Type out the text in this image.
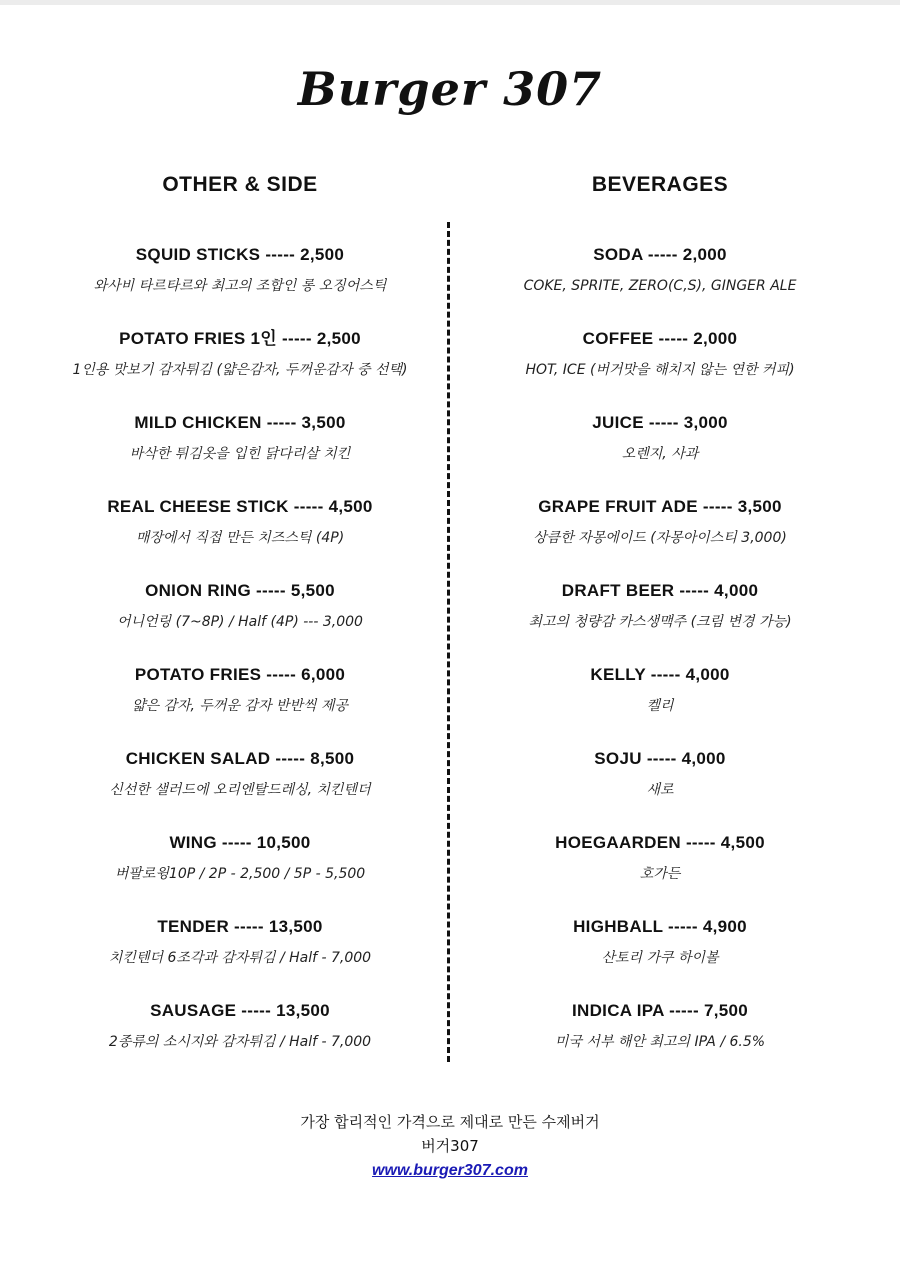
Burger 307
OTHER & SIDE
SQUID STICKS ----- 2,500
와사비 타르타르와 최고의 조합인 롱 오징어스틱
POTATO FRIES 1인 ----- 2,500
1인용 맛보기 감자튀김 (얇은감자, 두꺼운감자 중 선택)
MILD CHICKEN ----- 3,500
바삭한 튀김옷을 입힌 닭다리살 치킨
REAL CHEESE STICK ----- 4,500
매장에서 직접 만든 치즈스틱 (4P)
ONION RING ----- 5,500
어니언링 (7~8P) / Half (4P) --- 3,000
POTATO FRIES ----- 6,000
얇은 감자, 두꺼운 감자 반반씩 제공
CHICKEN SALAD ----- 8,500
신선한 샐러드에 오리엔탈드레싱, 치킨텐더
WING ----- 10,500
버팔로윙10P / 2P - 2,500 / 5P - 5,500
TENDER ----- 13,500
치킨텐더 6조각과 감자튀김 / Half - 7,000
SAUSAGE ----- 13,500
2종류의 소시지와 감자튀김 / Half - 7,000
BEVERAGES
SODA ----- 2,000
COKE, SPRITE, ZERO(C,S), GINGER ALE
COFFEE ----- 2,000
HOT, ICE (버거맛을 해치지 않는 연한 커피)
JUICE ----- 3,000
오렌지, 사과
GRAPE FRUIT ADE ----- 3,500
상큼한 자몽에이드 (자몽아이스티 3,000)
DRAFT BEER ----- 4,000
최고의 청량감 카스생맥주 (크림 변경 가능)
KELLY ----- 4,000
켈리
SOJU ----- 4,000
새로
HOEGAARDEN ----- 4,500
호가든
HIGHBALL ----- 4,900
산토리 가쿠 하이볼
INDICA IPA ----- 7,500
미국 서부 해안 최고의 IPA / 6.5%
가장 합리적인 가격으로 제대로 만든 수제버거
버거307
www.burger307.com
